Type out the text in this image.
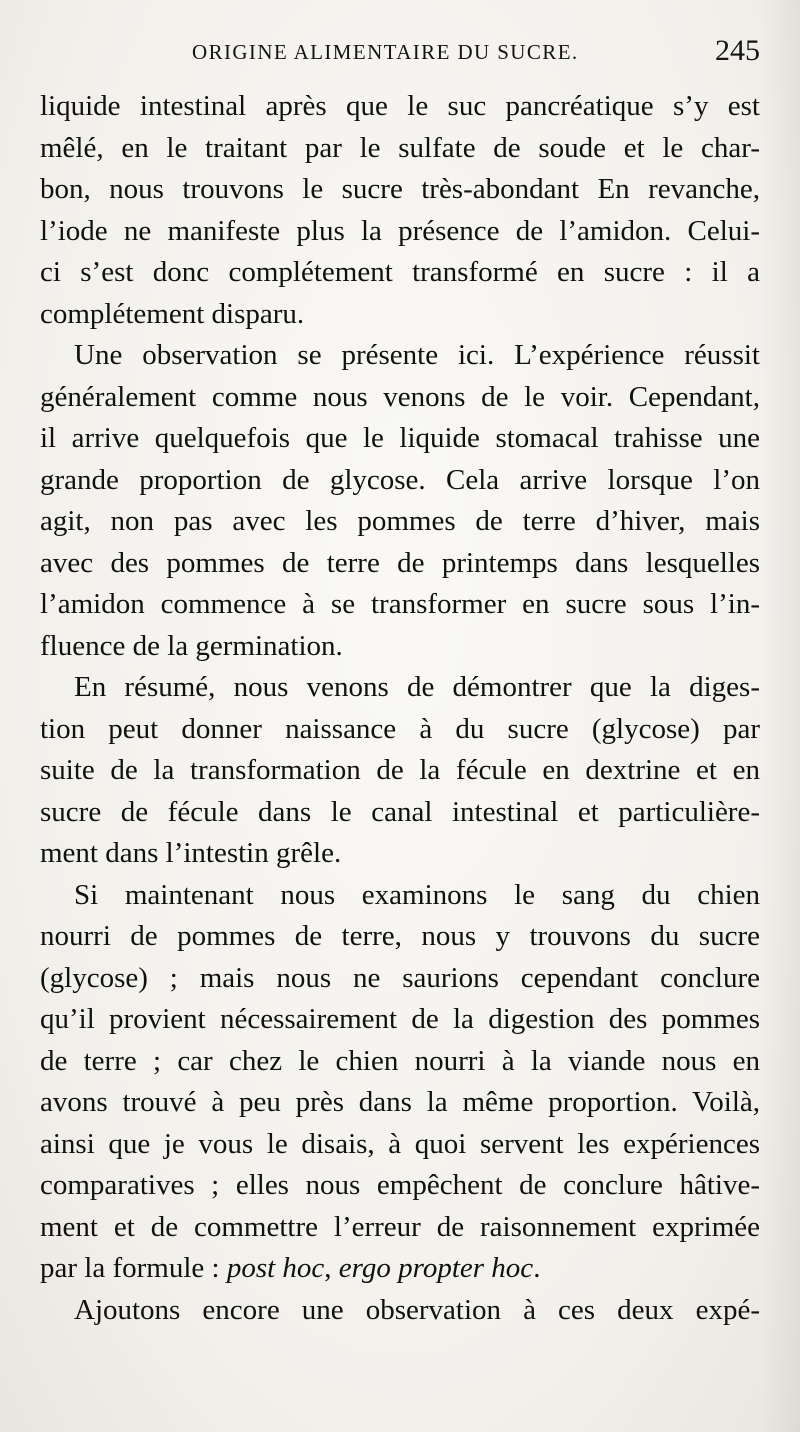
ORIGINE ALIMENTAIRE DU SUCRE.	245
liquide intestinal après que le suc pancréatique s’y est
mêlé, en le traitant par le sulfate de soude et le char-
bon, nous trouvons le sucre très-abondant En revanche,
l’iode ne manifeste plus la présence de l’amidon. Celui-
ci s’est donc complétement transformé en sucre : il a
complétement disparu.
Une observation se présente ici. L’expérience réussit
généralement comme nous venons de le voir. Cependant,
il arrive quelquefois que le liquide stomacal trahisse une
grande proportion de glycose. Cela arrive lorsque l’on
agit, non pas avec les pommes de terre d’hiver, mais
avec des pommes de terre de printemps dans lesquelles
l’amidon commence à se transformer en sucre sous l’in-
fluence de la germination.
En résumé, nous venons de démontrer que la diges-
tion peut donner naissance à du sucre (glycose) par
suite de la transformation de la fécule en dextrine et en
sucre de fécule dans le canal intestinal et particulière-
ment dans l’intestin grêle.
Si maintenant nous examinons le sang du chien
nourri de pommes de terre, nous y trouvons du sucre
(glycose) ; mais nous ne saurions cependant conclure
qu’il provient nécessairement de la digestion des pommes
de terre ; car chez le chien nourri à la viande nous en
avons trouvé à peu près dans la même proportion. Voilà,
ainsi que je vous le disais, à quoi servent les expériences
comparatives ; elles nous empêchent de conclure hâtive-
ment et de commettre l’erreur de raisonnement exprimée
par la formule : post hoc, ergo propter hoc.
Ajoutons encore une observation à ces deux expé-
